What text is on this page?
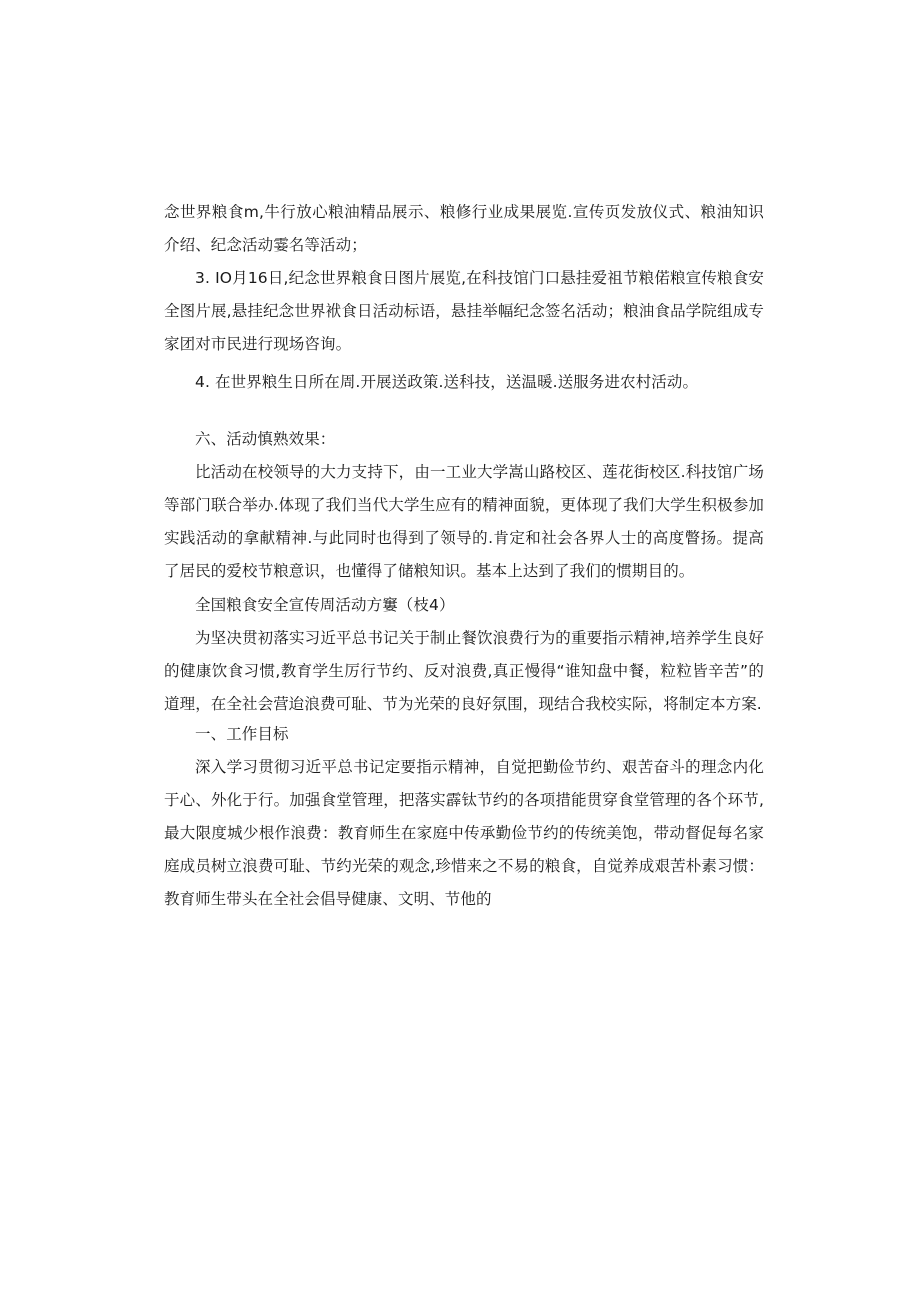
念世界粮食m,牛行放心粮油精品展示、粮修行业成果展览.宣传页发放仪式、粮油知识介绍、纪念活动霎名等活动；

3. IO月16日,纪念世界粮食日图片展览,在科技馆门口悬挂爱祖节粮偌粮宣传粮食安全图片展,悬挂纪念世界袱食日活动标语，悬挂举幅纪念签名活动；粮油食品学院组成专家团对市民进行现场咨询。

4. 在世界粮生日所在周.开展送政策.送科技，送温暖.送服务进农村活动。

六、活动慎熟效果：

比活动在校领导的大力支持下，由一工业大学嵩山路校区、莲花街校区.科技馆广场等部门联合举办.体现了我们当代大学生应有的精神面貌，更体现了我们大学生积极参加实践活动的拿献精神.与此同时也得到了领导的.肯定和社会各界人士的高度瞥扬。提高了居民的爱校节粮意识，也懂得了储粮知识。基本上达到了我们的惯期目的。

全国粮食安全宣传周活动方窶（枝4）

为坚决贯初落实习近平总书记关于制止餐饮浪费行为的重要指示精神,培养学生良好的健康饮食习惯,教育学生厉行节约、反对浪费,真正慢得“谁知盘中餐，粒粒皆辛苦”的道理，在全社会营迨浪费可耻、节为光荣的良好氛围，现结合我校实际，将制定本方案.

一、工作目标

深入学习贯彻习近平总书记定要指示精神，自觉把勤俭节约、艰苦奋斗的理念内化于心、外化于行。加强食堂管理，把落实霹钛节约的各项措能贯穿食堂管理的各个环节,最大限度城少根作浪费：教育师生在家庭中传承勤俭节约的传统美饱，带动督促每名家庭成员树立浪费可耻、节约光荣的观念,珍惜来之不易的粮食，自觉养成艰苦朴素习惯：教育师生带头在全社会倡导健康、文明、节他的
